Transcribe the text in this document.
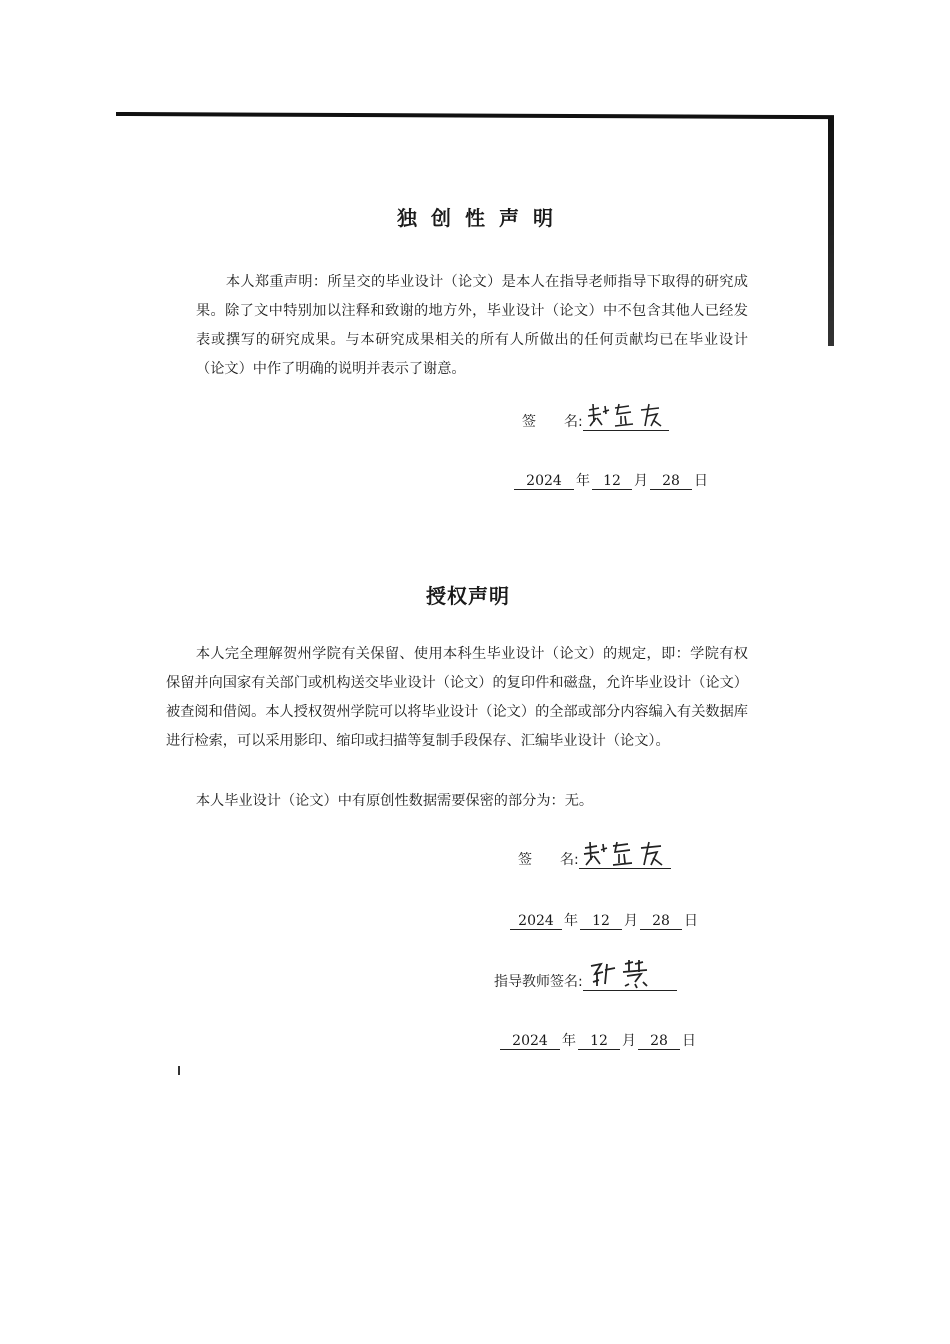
独创性声明

本人郑重声明：所呈交的毕业设计（论文）是本人在指导老师指导下取得的研究成果。除了文中特别加以注释和致谢的地方外，毕业设计（论文）中不包含其他人已经发表或撰写的研究成果。与本研究成果相关的所有人所做出的任何贡献均已在毕业设计（论文）中作了明确的说明并表示了谢意。

签　　名:
2024	年 12 月	28	日
授权声明

本人完全理解贺州学院有关保留、使用本科生毕业设计（论文）的规定，即：学院有权保留并向国家有关部门或机构送交毕业设计（论文）的复印件和磁盘，允许毕业设计（论文）被查阅和借阅。本人授权贺州学院可以将毕业设计（论文）的全部或部分内容编入有关数据库进行检索，可以采用影印、缩印或扫描等复制手段保存、汇编毕业设计（论文）。

本人毕业设计（论文）中有原创性数据需要保密的部分为：无。

签　　名:
2024 年	12	月	28	日
指导教师签名:
2024	年	12	月	28	日
